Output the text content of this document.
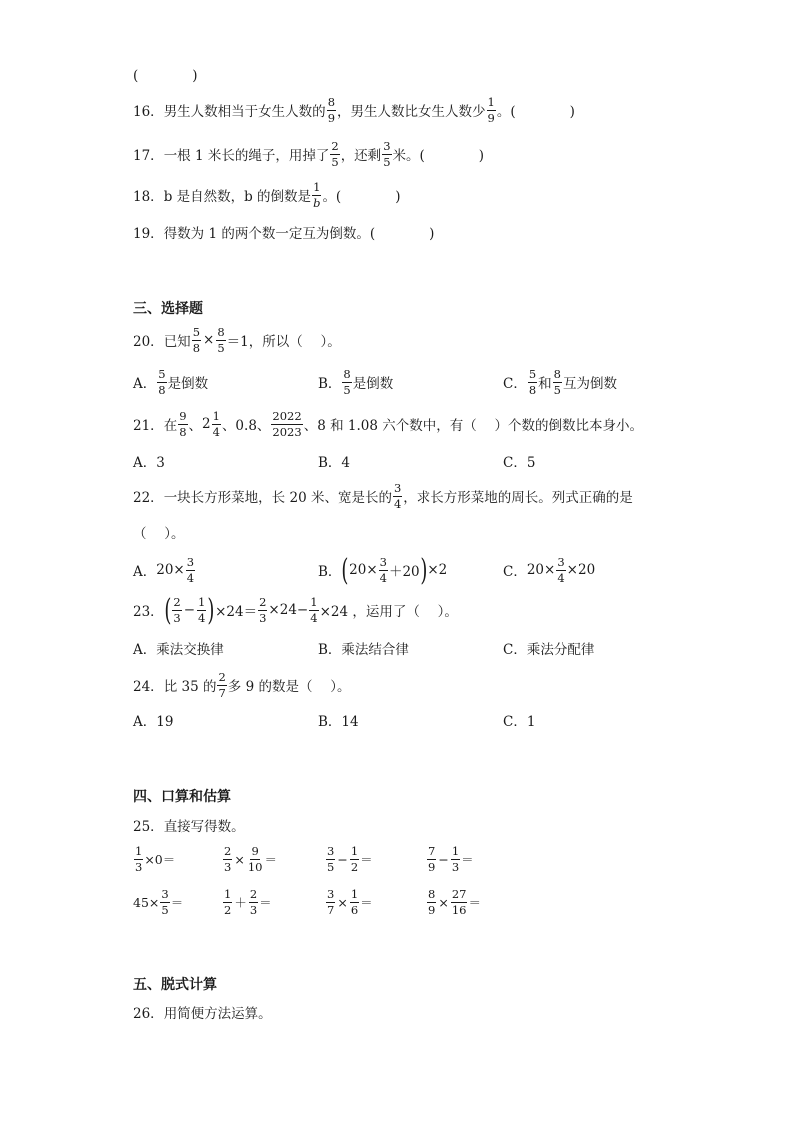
(　　　　)
16． 男生人数相当于女生人数的 $\frac{8}{9}$ ，男生人数比女生人数少 $\frac{1}{9}$ 。(　　　　)
17． 一根 1 米长的绳子，用掉了 $\frac{2}{5}$ ，还剩 $\frac{3}{5}$ 米。(　　　　)
18． b 是自然数，b 的倒数是 $\frac{1}{b}$ 。(　　　　)
19． 得数为 1 的两个数一定互为倒数。(　　　　)
三、选择题
20． 已知 $\frac{5}{8} \times \frac{8}{5} =1$，所以（　 ）。
A． $\frac{5}{8}$ 是倒数	B． $\frac{8}{5}$ 是倒数	C． $\frac{5}{8}$ 和 $\frac{8}{5}$ 互为倒数
21． 在 $\frac{9}{8}$ 、 $2 \frac{1}{4}$ 、0.8、 $\frac{2022}{2023}$ 、8 和 1.08 六个数中，有（　 ）个数的倒数比本身小。
A．3	B．4	C．5
22． 一块长方形菜地，长 20 米、宽是长的 $\frac{3}{4}$ ，求长方形菜地的周长。列式正确的是
（　 ）。
A． $20\times \frac{3}{4}$	B． ( $20\times \frac{3}{4} +20$ ) ×2	C． $20\times \frac{3}{4} \times 20$
23． ( $\frac{2}{3} - \frac{1}{4}$ ) $\times 24= \frac{2}{3} \times 24- \frac{1}{4} \times 24$ ，运用了（　 ）。
A．乘法交换律	B．乘法结合律	C．乘法分配律
24． 比 35 的 $\frac{2}{7}$ 多 9 的数是（　 ）。
A．19	B．14	C．1
四、口算和估算
25． 直接写得数。
$\frac{1}{3} \times 0=$	$\frac{2}{3} \times \frac{9}{10}$ ＝	$\frac{3}{5} - \frac{1}{2}$ ＝	$\frac{7}{9} - \frac{1}{3}$ ＝
$45\times \frac{3}{5}$ ＝	$\frac{1}{2} + \frac{2}{3}$ ＝	$\frac{3}{7} \times \frac{1}{6}$ ＝	$\frac{8}{9} \times \frac{27}{16}$ ＝
五、脱式计算
26． 用简便方法运算。
